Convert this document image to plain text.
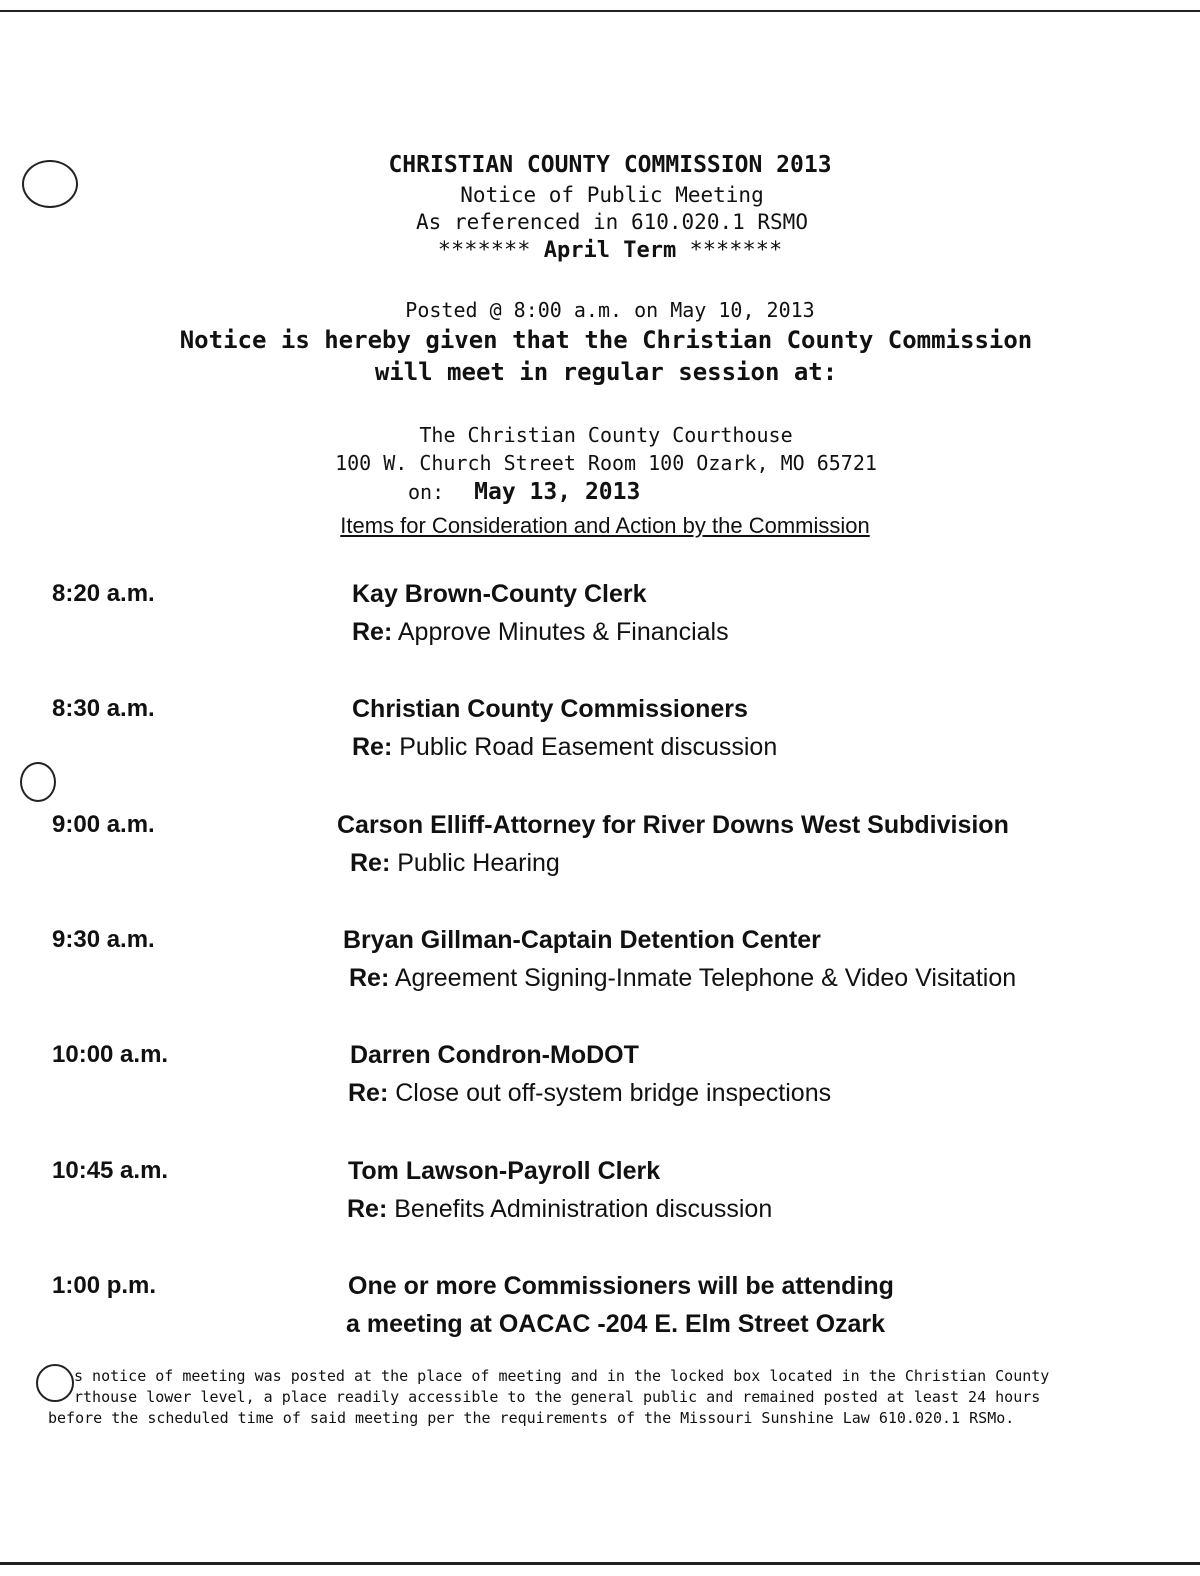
CHRISTIAN COUNTY COMMISSION 2013
Notice of Public Meeting
As referenced in 610.020.1 RSMO
******* April Term *******
Posted @ 8:00 a.m. on May 10, 2013
Notice is hereby given that the Christian County Commission
will meet in regular session at:
The Christian County Courthouse
100 W. Church Street Room 100 Ozark, MO 65721
on: May 13, 2013
Items for Consideration and Action by the Commission
8:20 a.m.	Kay Brown-County Clerk
Re: Approve Minutes & Financials
8:30 a.m.	Christian County Commissioners
Re: Public Road Easement discussion
9:00 a.m.	Carson Elliff-Attorney for River Downs West Subdivision
Re: Public Hearing
9:30 a.m.	Bryan Gillman-Captain Detention Center
Re: Agreement Signing-Inmate Telephone & Video Visitation
10:00 a.m.	Darren Condron-MoDOT
Re: Close out off-system bridge inspections
10:45 a.m.	Tom Lawson-Payroll Clerk
Re: Benefits Administration discussion
1:00 p.m.	One or more Commissioners will be attending
a meeting at OACAC -204 E. Elm Street Ozark
s notice of meeting was posted at the place of meeting and in the locked box located in the Christian County
rthouse lower level, a place readily accessible to the general public and remained posted at least 24 hours
before the scheduled time of said meeting per the requirements of the Missouri Sunshine Law 610.020.1 RSMo.
